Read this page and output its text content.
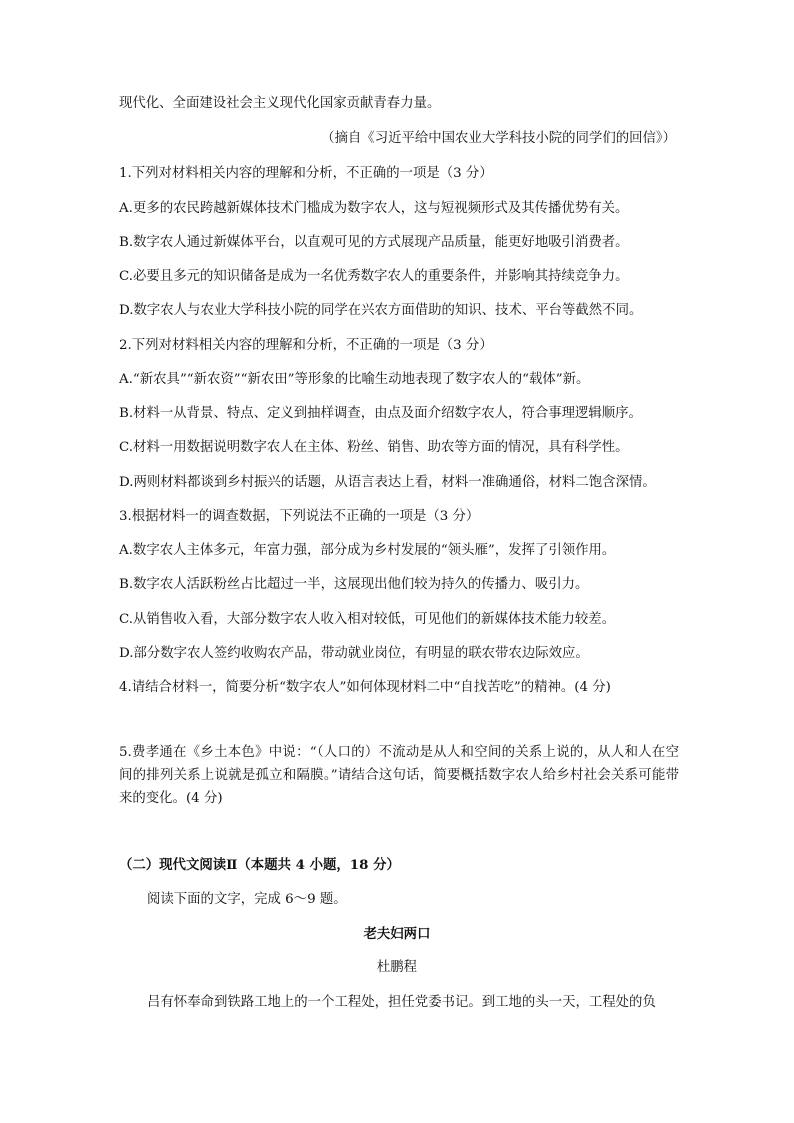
现代化、全面建设社会主义现代化国家贡献青春力量。
（摘自《习近平给中国农业大学科技小院的同学们的回信》）
1.下列对材料相关内容的理解和分析，不正确的一项是（3 分）
A.更多的农民跨越新媒体技术门槛成为数字农人，这与短视频形式及其传播优势有关。
B.数字农人通过新媒体平台，以直观可见的方式展现产品质量，能更好地吸引消费者。
C.必要且多元的知识储备是成为一名优秀数字农人的重要条件，并影响其持续竞争力。
D.数字农人与农业大学科技小院的同学在兴农方面借助的知识、技术、平台等截然不同。
2.下列对材料相关内容的理解和分析，不正确的一项是（3 分）
A.“新农具”“新农资”“新农田”等形象的比喻生动地表现了数字农人的“载体”新。
B.材料一从背景、特点、定义到抽样调查，由点及面介绍数字农人，符合事理逻辑顺序。
C.材料一用数据说明数字农人在主体、粉丝、销售、助农等方面的情况，具有科学性。
D.两则材料都谈到乡村振兴的话题，从语言表达上看，材料一准确通俗，材料二饱含深情。
3.根据材料一的调查数据，下列说法不正确的一项是（3 分）
A.数字农人主体多元，年富力强，部分成为乡村发展的“领头雁”，发挥了引领作用。
B.数字农人活跃粉丝占比超过一半，这展现出他们较为持久的传播力、吸引力。
C.从销售收入看，大部分数字农人收入相对较低，可见他们的新媒体技术能力较差。
D.部分数字农人签约收购农产品，带动就业岗位，有明显的联农带农边际效应。
4.请结合材料一，简要分析“数字农人”如何体现材料二中“自找苦吃”的精神。(4 分)
5.费孝通在《乡土本色》中说：“（人口的）不流动是从人和空间的关系上说的，从人和人在空间的排列关系上说就是孤立和隔膜。”请结合这句话，简要概括数字农人给乡村社会关系可能带来的变化。(4 分)
（二）现代文阅读Ⅱ（本题共 4 小题，18 分）
阅读下面的文字，完成 6～9 题。
老夫妇两口
杜鹏程
吕有怀奉命到铁路工地上的一个工程处，担任党委书记。到工地的头一天，工程处的负
